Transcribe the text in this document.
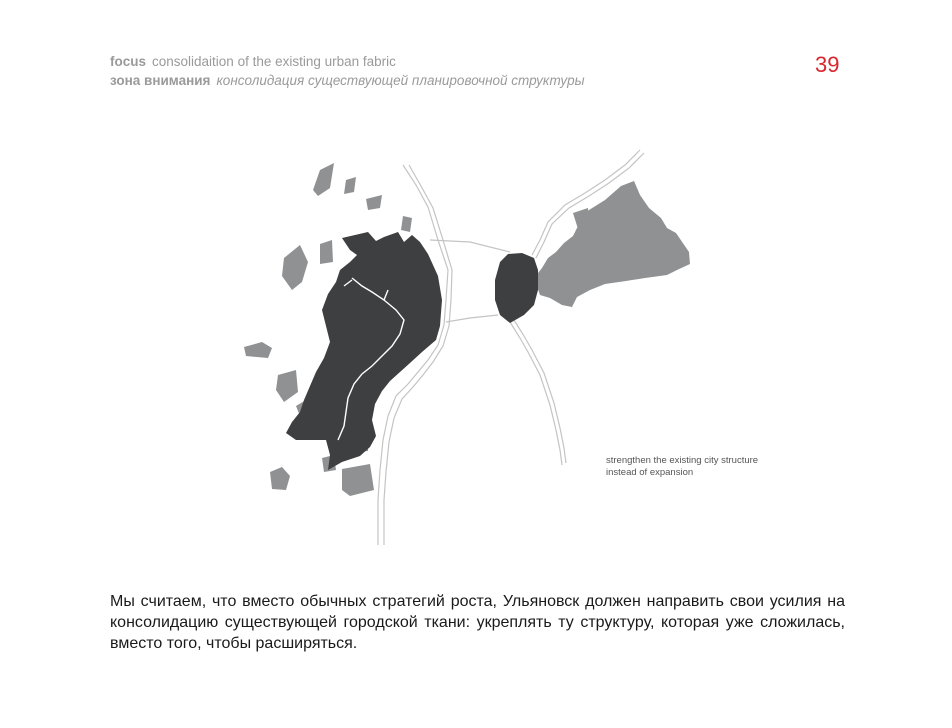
focus consolidaition of the existing urban fabric
зона внимания консолидация существующей планировочной структуры
39
strengthen the existing city structure
instead of expansion
Мы считаем, что вместо обычных стратегий роста, Ульяновск должен направить свои усилия на консолидацию существующей городской ткани: укреплять ту структуру, которая уже сложилась, вместо того, чтобы расширяться.
